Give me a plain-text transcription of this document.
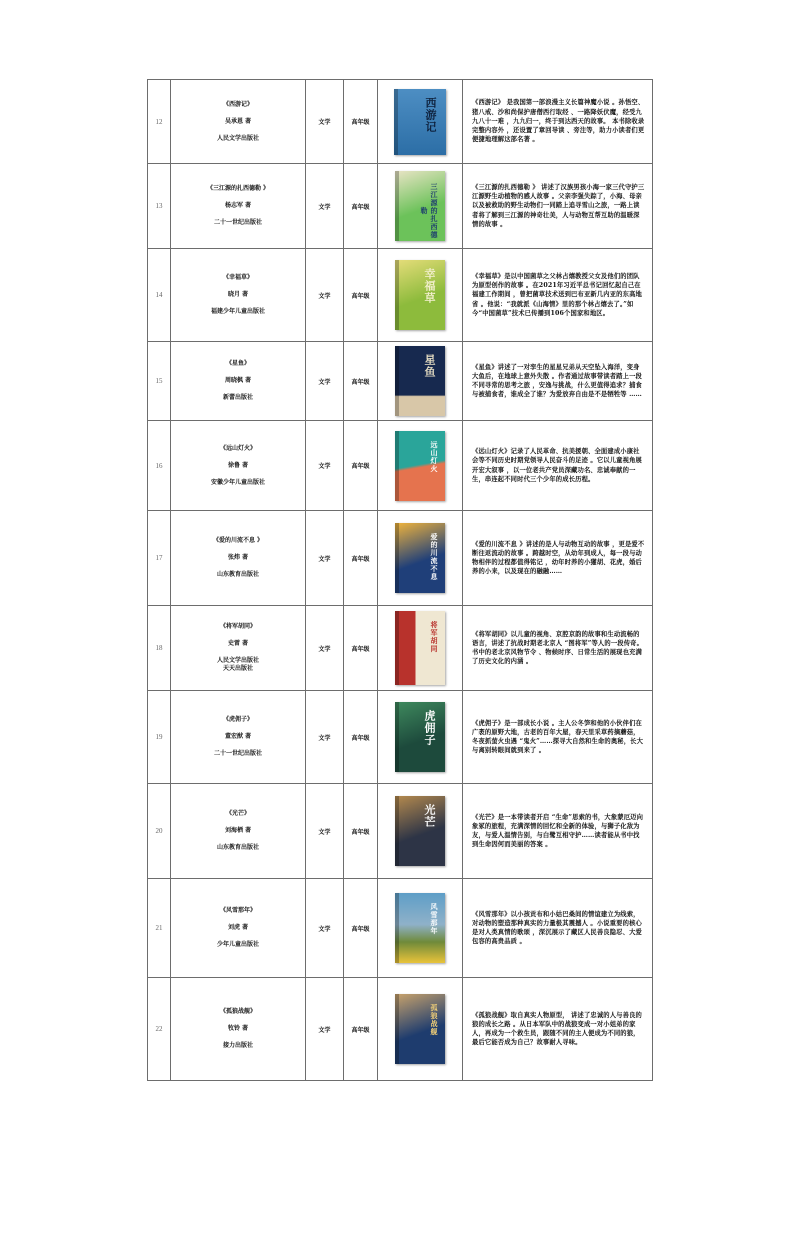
12	《西游记》
吴承恩 著
人民文学出版社	文学	高年级	西游记	《西游记》 是我国第一部浪漫主义长篇神魔小说 。孙悟空、猪八戒、沙和尚保护唐僧西行取经 、一路降妖伏魔，经受九九八十一难 ，九九归一，终于到达西天的故事。 本书除收录完整内容外 ，还设置了章回导读 、旁注等，助力小读者们更便捷地理解这部名著 。
13	《三江源的扎西德勒 》
杨志军 著
二十一世纪出版社	文学	高年级	三江源的扎西德勒	《三江源的扎西德勒 》 讲述了汉族男孩小海一家三代守护三江源野生动植物的感人故事 。父亲李强失踪了，小海、母亲以及被救助的野生动物们一同踏上追寻雪山之旅，一路上读者将了解到三江源的神奇壮美，人与动物互帮互助的温暖深情的故事 。
14	《幸福草》
晓月 著
福建少年儿童出版社	文学	高年级	幸福草	《幸福草》是以中国菌草之父林占熺教授父女及他们的团队为原型创作的故事 。在2021年习近平总书记回忆起自己在福建工作期间 ，曾把菌草技术送到巴布亚新几内亚的东高地省 。他说：“我就派《山海情》里的那个林占熺去了。”如今“中国菌草”技术已传播到106个国家和地区。
15	《星鱼》
周晓枫 著
新蕾出版社	文学	高年级	星鱼	《星鱼》讲述了一对孪生的星星兄弟从天空坠入海洋，变身大鱼后，在地球上意外失散 。作者通过故事带读者踏上一段不同寻常的思考之旅 ，安逸与挑战，什么更值得追求？捕食与被捕食者，谁成全了谁？为爱放弃自由是不是牺牲等 ……
16	《远山灯火》
徐鲁 著
安徽少年儿童出版社	文学	高年级	远山灯火	《远山灯火》记录了人民革命、抗美援朝、全面建成小康社会等不同历史时期党领导人民奋斗的足迹 。它以儿童视角展开宏大叙事 ，以一位老共产党员深藏功名、忠诚奉献的一生，串连起不同时代三个少年的成长历程。
17	《爱的川流不息 》
张炜 著
山东教育出版社	文学	高年级	爱的川流不息	《爱的川流不息 》讲述的是人与动物互动的故事 ，更是爱不断往返流动的故事 。跨越时空，从幼年到成人，每一段与动物相伴的过程都值得铭记 ，幼年时养的小獾胡、花虎，婚后养的小来，以及现在的融融……
18	《将军胡同》
史雷 著
人民文学出版社
天天出版社	文学	高年级	将军胡同	《将军胡同》以儿童的视角、京腔京韵的故事和生动流畅的语言，讲述了抗战时期老北京人 “图将军”等人的一段传奇。书中的老北京风物节令 、物候时序、日常生活的展现也充满了历史文化的内涵 。
19	《虎佣子》
董宏猷 著
二十一世纪出版社	文学	高年级	虎佣子	《虎佣子》是一部成长小说 。主人公冬笋和他的小伙伴们在广袤的原野大地，古老的百年大屋，春天里采草药摘蘑菇，冬夜抓萤火虫遇 “鬼火”……探寻大自然和生命的奥秘，长大与离别转眼间就到来了 。
20	《光芒》
刘海栖 著
山东教育出版社	文学	高年级	光芒	《光芒》是一本带读者开启 “生命”思索的书，大象蒙厄迈向象冢的旅程，充满深情的回忆和全新的体验，与狮子化敌为友，与爱人温情告别，与白鹭互相守护……读者能从书中找到生命因何而美丽的答案 。
21	《风雪那年》
刘虎 著
少年儿童出版社	文学	高年级	风雪那年	《风雪那年》以小孩贡布和小姑巴桑间的情谊建立为线索，对动物的塑造那种真实的力量极其震撼人 。小说重要的核心是对人类真情的歌颂 ，深沉展示了藏区人民善良隐忍、大爱包容的高贵品质 。
22	《孤狼战舰》
牧铃 著
接力出版社	文学	高年级	孤狼战舰	《孤狼战舰》取自真实人物原型， 讲述了忠诚的人与善良的狼的成长之路 。从日本军队中的战狼变成一对小姐弟的家人，再成为一个救生员，跟随不同的主人便成为不同的狼，最后它能否成为自己？故事耐人寻味。
